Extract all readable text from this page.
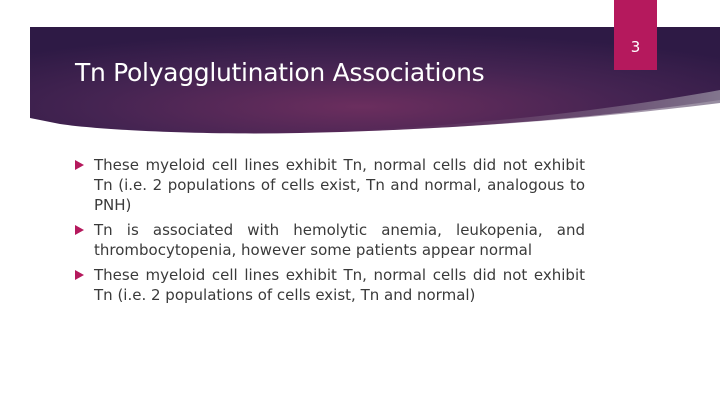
Tn Polyagglutination Associations
3
These myeloid cell lines exhibit Tn, normal cells did not exhibit Tn (i.e. 2 populations of cells exist, Tn and normal, analogous to PNH)
Tn is associated with hemolytic anemia, leukopenia, and thrombocytopenia, however some patients appear normal
These myeloid cell lines exhibit Tn, normal cells did not exhibit Tn (i.e. 2 populations of cells exist, Tn and normal)
